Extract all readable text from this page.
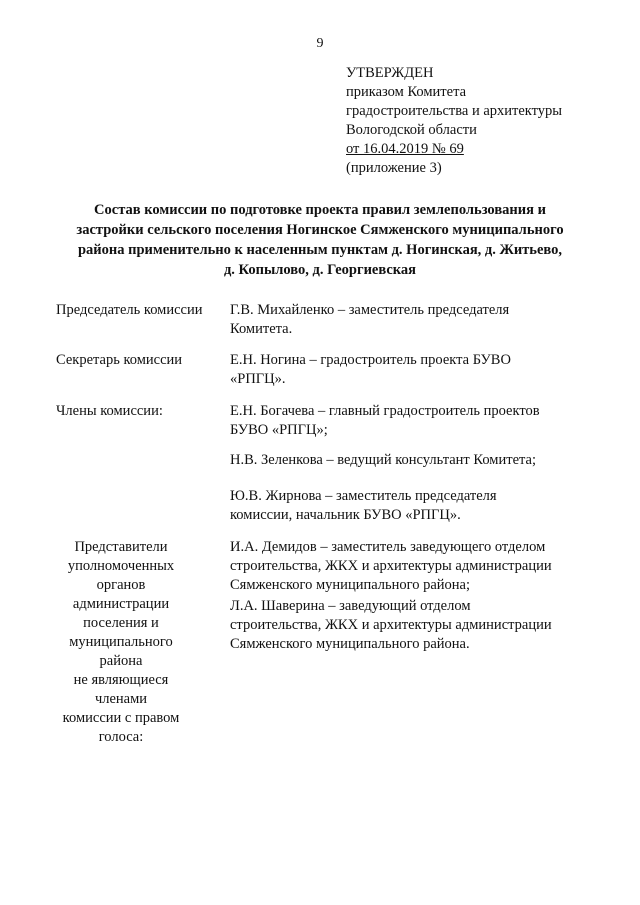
9
УТВЕРЖДЕН
приказом Комитета
градостроительства и архитектуры
Вологодской области
от 16.04.2019 № 69
(приложение 3)
Состав комиссии по подготовке проекта правил землепользования и
застройки сельского поселения Ногинское Сямженского муниципального
района применительно к населенным пунктам д. Ногинская, д. Житьево,
д. Копылово, д. Георгиевская
Председатель комиссии Г.В. Михайленко – заместитель председателя
Комитета.
Секретарь комиссии	Е.Н. Ногина – градостроитель проекта БУВО
«РПГЦ».
Члены комиссии:	Е.Н. Богачева – главный градостроитель проектов
БУВО «РПГЦ»;
Н.В. Зеленкова – ведущий консультант Комитета;
Ю.В. Жирнова – заместитель председателя
комиссии, начальник БУВО «РПГЦ».
Представители
уполномоченных
органов администрации
поселения и
муниципального района
не являющиеся членами
комиссии с правом
голоса:
И.А. Демидов – заместитель заведующего отделом
строительства, ЖКХ и архитектуры администрации
Сямженского муниципального района;
Л.А. Шаверина – заведующий отделом
строительства, ЖКХ и архитектуры администрации
Сямженского муниципального района.
